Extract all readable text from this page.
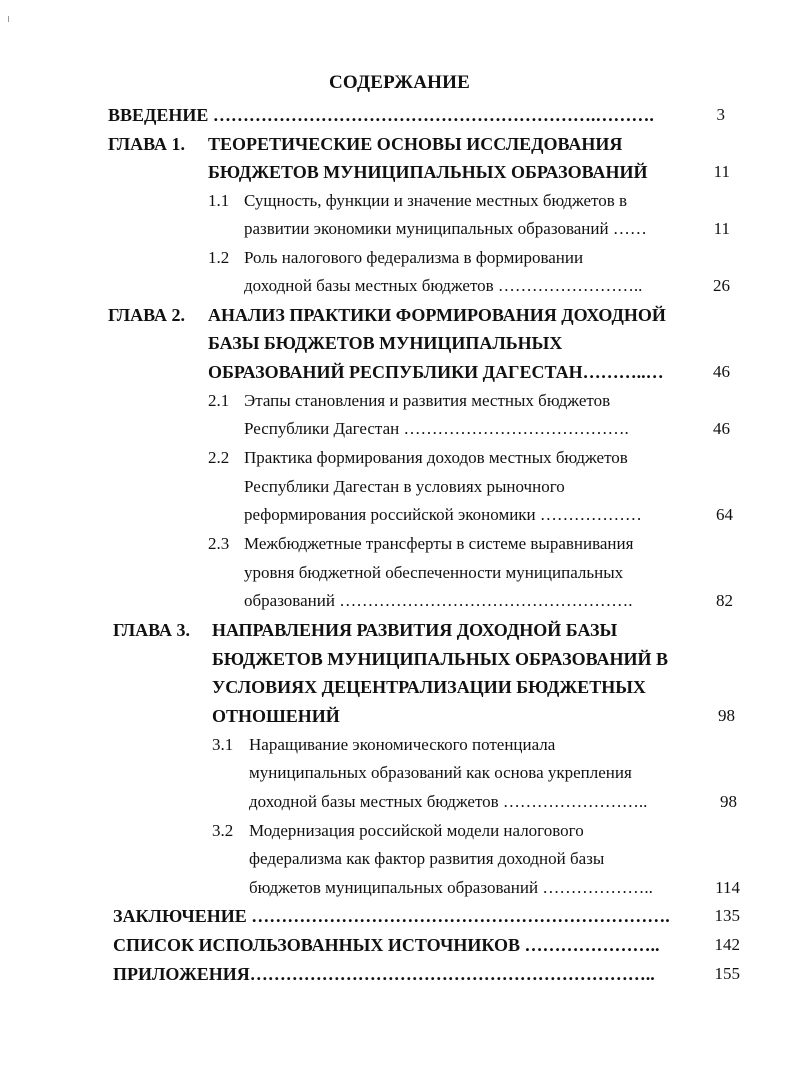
СОДЕРЖАНИЕ
ВВЕДЕНИЕ ……………………………………………………….……….	3
ГЛАВА 1. ТЕОРЕТИЧЕСКИЕ ОСНОВЫ ИССЛЕДОВАНИЯ
БЮДЖЕТОВ МУНИЦИПАЛЬНЫХ ОБРАЗОВАНИЙ	11
1.1 Сущность, функции и значение местных бюджетов в
развитии экономики муниципальных образований ……	11
1.2 Роль налогового федерализма в формировании
доходной базы местных бюджетов ……………………..	26
ГЛАВА 2. АНАЛИЗ ПРАКТИКИ ФОРМИРОВАНИЯ ДОХОДНОЙ
БАЗЫ БЮДЖЕТОВ МУНИЦИПАЛЬНЫХ
ОБРАЗОВАНИЙ РЕСПУБЛИКИ ДАГЕСТАН………..…	46
2.1 Этапы становления и развития местных бюджетов
Республики Дагестан ………………………………….	46
2.2 Практика формирования доходов местных бюджетов
Республики Дагестан в условиях рыночного
реформирования российской экономики ………………	64
2.3 Межбюджетные трансферты в системе выравнивания
уровня бюджетной обеспеченности муниципальных
образований …………………………………………….	82
ГЛАВА 3. НАПРАВЛЕНИЯ РАЗВИТИЯ ДОХОДНОЙ БАЗЫ
БЮДЖЕТОВ МУНИЦИПАЛЬНЫХ ОБРАЗОВАНИЙ В
УСЛОВИЯХ ДЕЦЕНТРАЛИЗАЦИИ БЮДЖЕТНЫХ
ОТНОШЕНИЙ	98
3.1 Наращивание экономического потенциала
муниципальных образований как основа укрепления
доходной базы местных бюджетов ……………………..	98
3.2 Модернизация российской модели налогового
федерализма как фактор развития доходной базы
бюджетов муниципальных образований ………………..	114
ЗАКЛЮЧЕНИЕ …………………………………………………………….	135
СПИСОК ИСПОЛЬЗОВАННЫХ ИСТОЧНИКОВ …………………..	142
ПРИЛОЖЕНИЯ…………………………………………………………..	155
